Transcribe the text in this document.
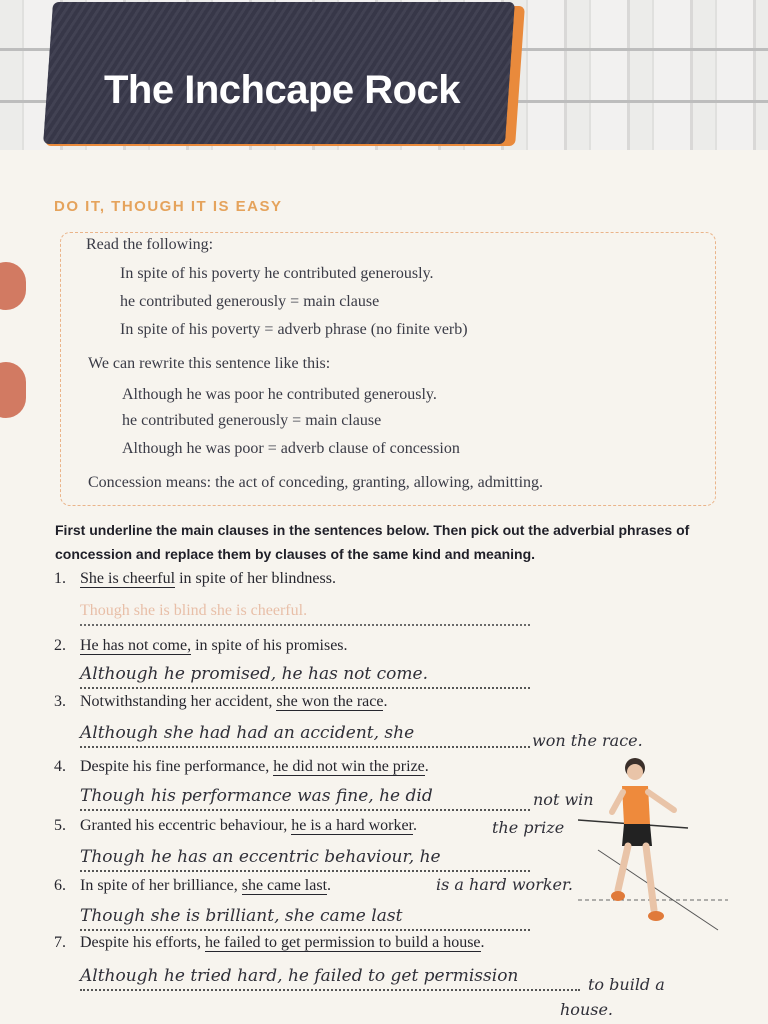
The Inchcape Rock
DO IT, THOUGH IT IS EASY
Read the following:
In spite of his poverty he contributed generously.
he contributed generously = main clause
In spite of his poverty = adverb phrase (no finite verb)
We can rewrite this sentence like this:
Although he was poor he contributed generously.
he contributed generously = main clause
Although he was poor = adverb clause of concession
Concession means: the act of conceding, granting, allowing, admitting.

First underline the main clauses in the sentences below. Then pick out the adverbial phrases of concession and replace them by clauses of the same kind and meaning.

1. She is cheerful in spite of her blindness.
Though she is blind she is cheerful.
2. He has not come, in spite of his promises.
Although he promised, he has not come.
3. Notwithstanding her accident, she won the race.
Although she had had an accident, she	won the race.
4. Despite his fine performance, he did not win the prize.
Though his performance was fine, he did	not win
5. Granted his eccentric behaviour, he is a hard worker.
Though he has an eccentric behaviour, he
the prize
6. In spite of her brilliance, she came last.
Though she is brilliant, she came last
is a hard worker.
7. Despite his efforts, he failed to get permission to build a house.
Although he tried hard, he failed to get permission	to build a
house.
